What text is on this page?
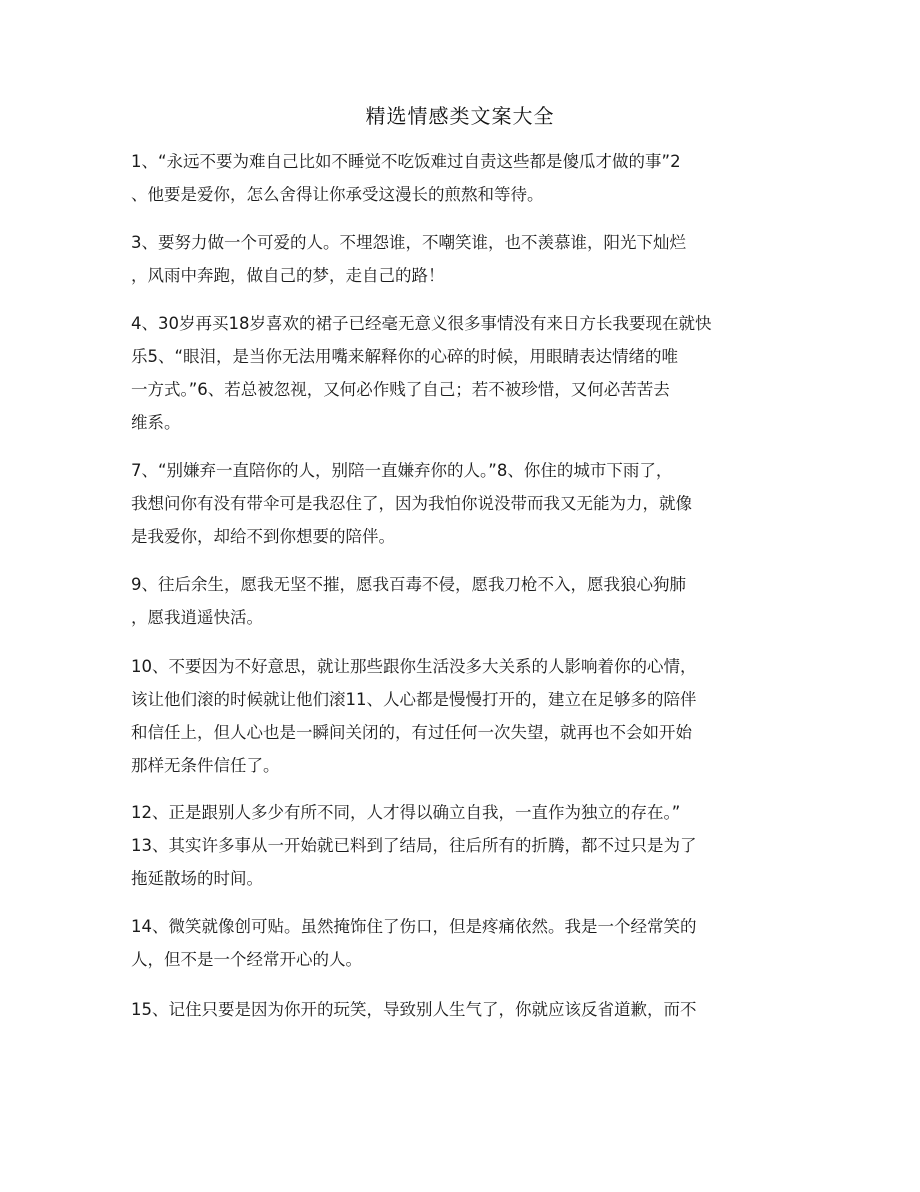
精选情感类文案大全
1、“永远不要为难自己比如不睡觉不吃饭难过自责这些都是傻瓜才做的事”2
、他要是爱你，怎么舍得让你承受这漫长的煎熬和等待。
3、要努力做一个可爱的人。不埋怨谁，不嘲笑谁，也不羡慕谁，阳光下灿烂
，风雨中奔跑，做自己的梦，走自己的路！
4、30岁再买18岁喜欢的裙子已经毫无意义很多事情没有来日方长我要现在就快
乐5、“眼泪，是当你无法用嘴来解释你的心碎的时候，用眼睛表达情绪的唯
一方式。”6、若总被忽视，又何必作贱了自己；若不被珍惜，又何必苦苦去
维系。
7、“别嫌弃一直陪你的人，别陪一直嫌弃你的人。”8、你住的城市下雨了，
我想问你有没有带伞可是我忍住了，因为我怕你说没带而我又无能为力，就像
是我爱你，却给不到你想要的陪伴。
9、往后余生，愿我无坚不摧，愿我百毒不侵，愿我刀枪不入，愿我狼心狗肺
，愿我逍遥快活。
10、不要因为不好意思，就让那些跟你生活没多大关系的人影响着你的心情，
该让他们滚的时候就让他们滚11、人心都是慢慢打开的，建立在足够多的陪伴
和信任上，但人心也是一瞬间关闭的，有过任何一次失望，就再也不会如开始
那样无条件信任了。
12、正是跟别人多少有所不同，人才得以确立自我，一直作为独立的存在。”
13、其实许多事从一开始就已料到了结局，往后所有的折腾，都不过只是为了
拖延散场的时间。
14、微笑就像创可贴。虽然掩饰住了伤口，但是疼痛依然。我是一个经常笑的
人，但不是一个经常开心的人。
15、记住只要是因为你开的玩笑，导致别人生气了，你就应该反省道歉，而不
